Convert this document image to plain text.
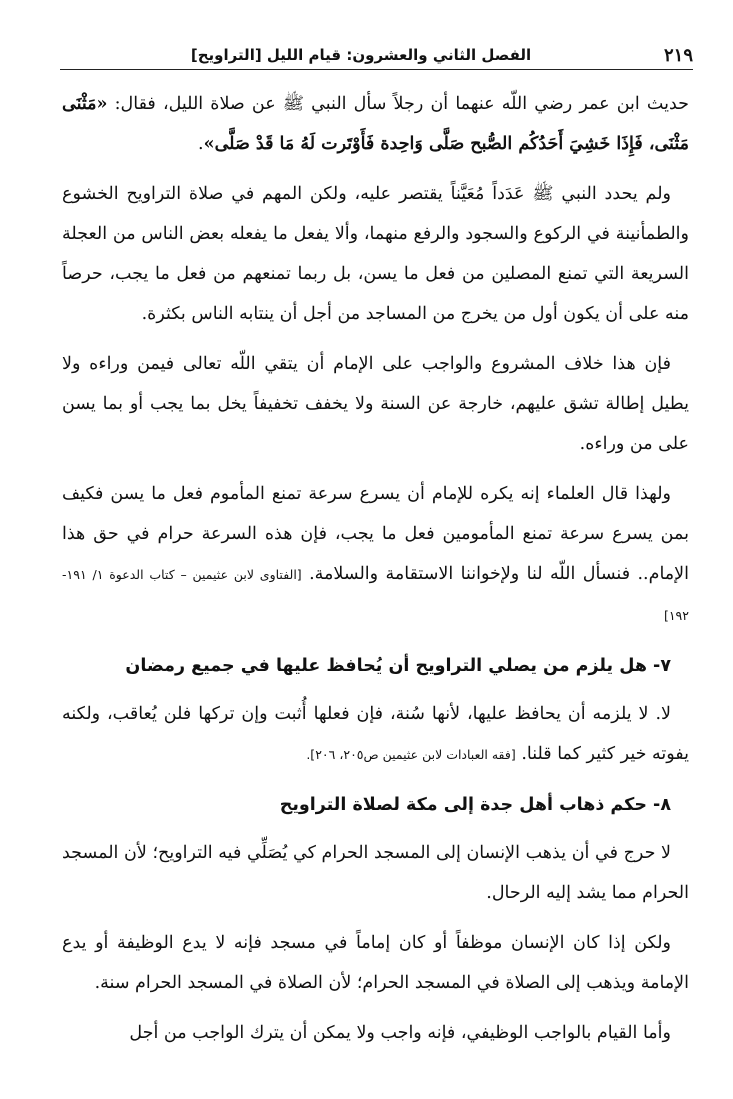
٢١٩
الفصل الثاني والعشرون: قيام الليل [التراويح]

حديث ابن عمر رضي اللّه عنهما أن رجلاً سأل النبي ﷺ عن صلاة الليل، فقال: «مَثْنَى مَثْنَى، فَإِذَا خَشِيَ أَحَدُكُم الصُّبح صَلَّى وَاحِدة فَأَوْتَرت لَهُ مَا قَدْ صَلَّى».

ولم يحدد النبي ﷺ عَدَداً مُعَيَّناً يقتصر عليه، ولكن المهم في صلاة التراويح الخشوع والطمأنينة في الركوع والسجود والرفع منهما، وألا يفعل ما يفعله بعض الناس من العجلة السريعة التي تمنع المصلين من فعل ما يسن، بل ربما تمنعهم من فعل ما يجب، حرصاً منه على أن يكون أول من يخرج من المساجد من أجل أن ينتابه الناس بكثرة.

فإن هذا خلاف المشروع والواجب على الإمام أن يتقي اللّه تعالى فيمن وراءه ولا يطيل إطالة تشق عليهم، خارجة عن السنة ولا يخفف تخفيفاً يخل بما يجب أو بما يسن على من وراءه.

ولهذا قال العلماء إنه يكره للإمام أن يسرع سرعة تمنع المأموم فعل ما يسن فكيف بمن يسرع سرعة تمنع المأمومين فعل ما يجب، فإن هذه السرعة حرام في حق هذا الإمام.. فنسأل اللّه لنا ولإخواننا الاستقامة والسلامة. [الفتاوى لابن عثيمين – كتاب الدعوة ١/ ١٩١- ١٩٢]

٧- هل يلزم من يصلي التراويح أن يُحافظ عليها في جميع رمضان

لا. لا يلزمه أن يحافظ عليها، لأنها سُنة، فإن فعلها أُثبت وإن تركها فلن يُعاقب، ولكنه يفوته خير كثير كما قلنا. [فقه العبادات لابن عثيمين ص٢٠٥، ٢٠٦].

٨- حكم ذهاب أهل جدة إلى مكة لصلاة التراويح

لا حرج في أن يذهب الإنسان إلى المسجد الحرام كي يُصَلِّي فيه التراويح؛ لأن المسجد الحرام مما يشد إليه الرحال.

ولكن إذا كان الإنسان موظفاً أو كان إماماً في مسجد فإنه لا يدع الوظيفة أو يدع الإمامة ويذهب إلى الصلاة في المسجد الحرام؛ لأن الصلاة في المسجد الحرام سنة.

وأما القيام بالواجب الوظيفي، فإنه واجب ولا يمكن أن يترك الواجب من أجل
